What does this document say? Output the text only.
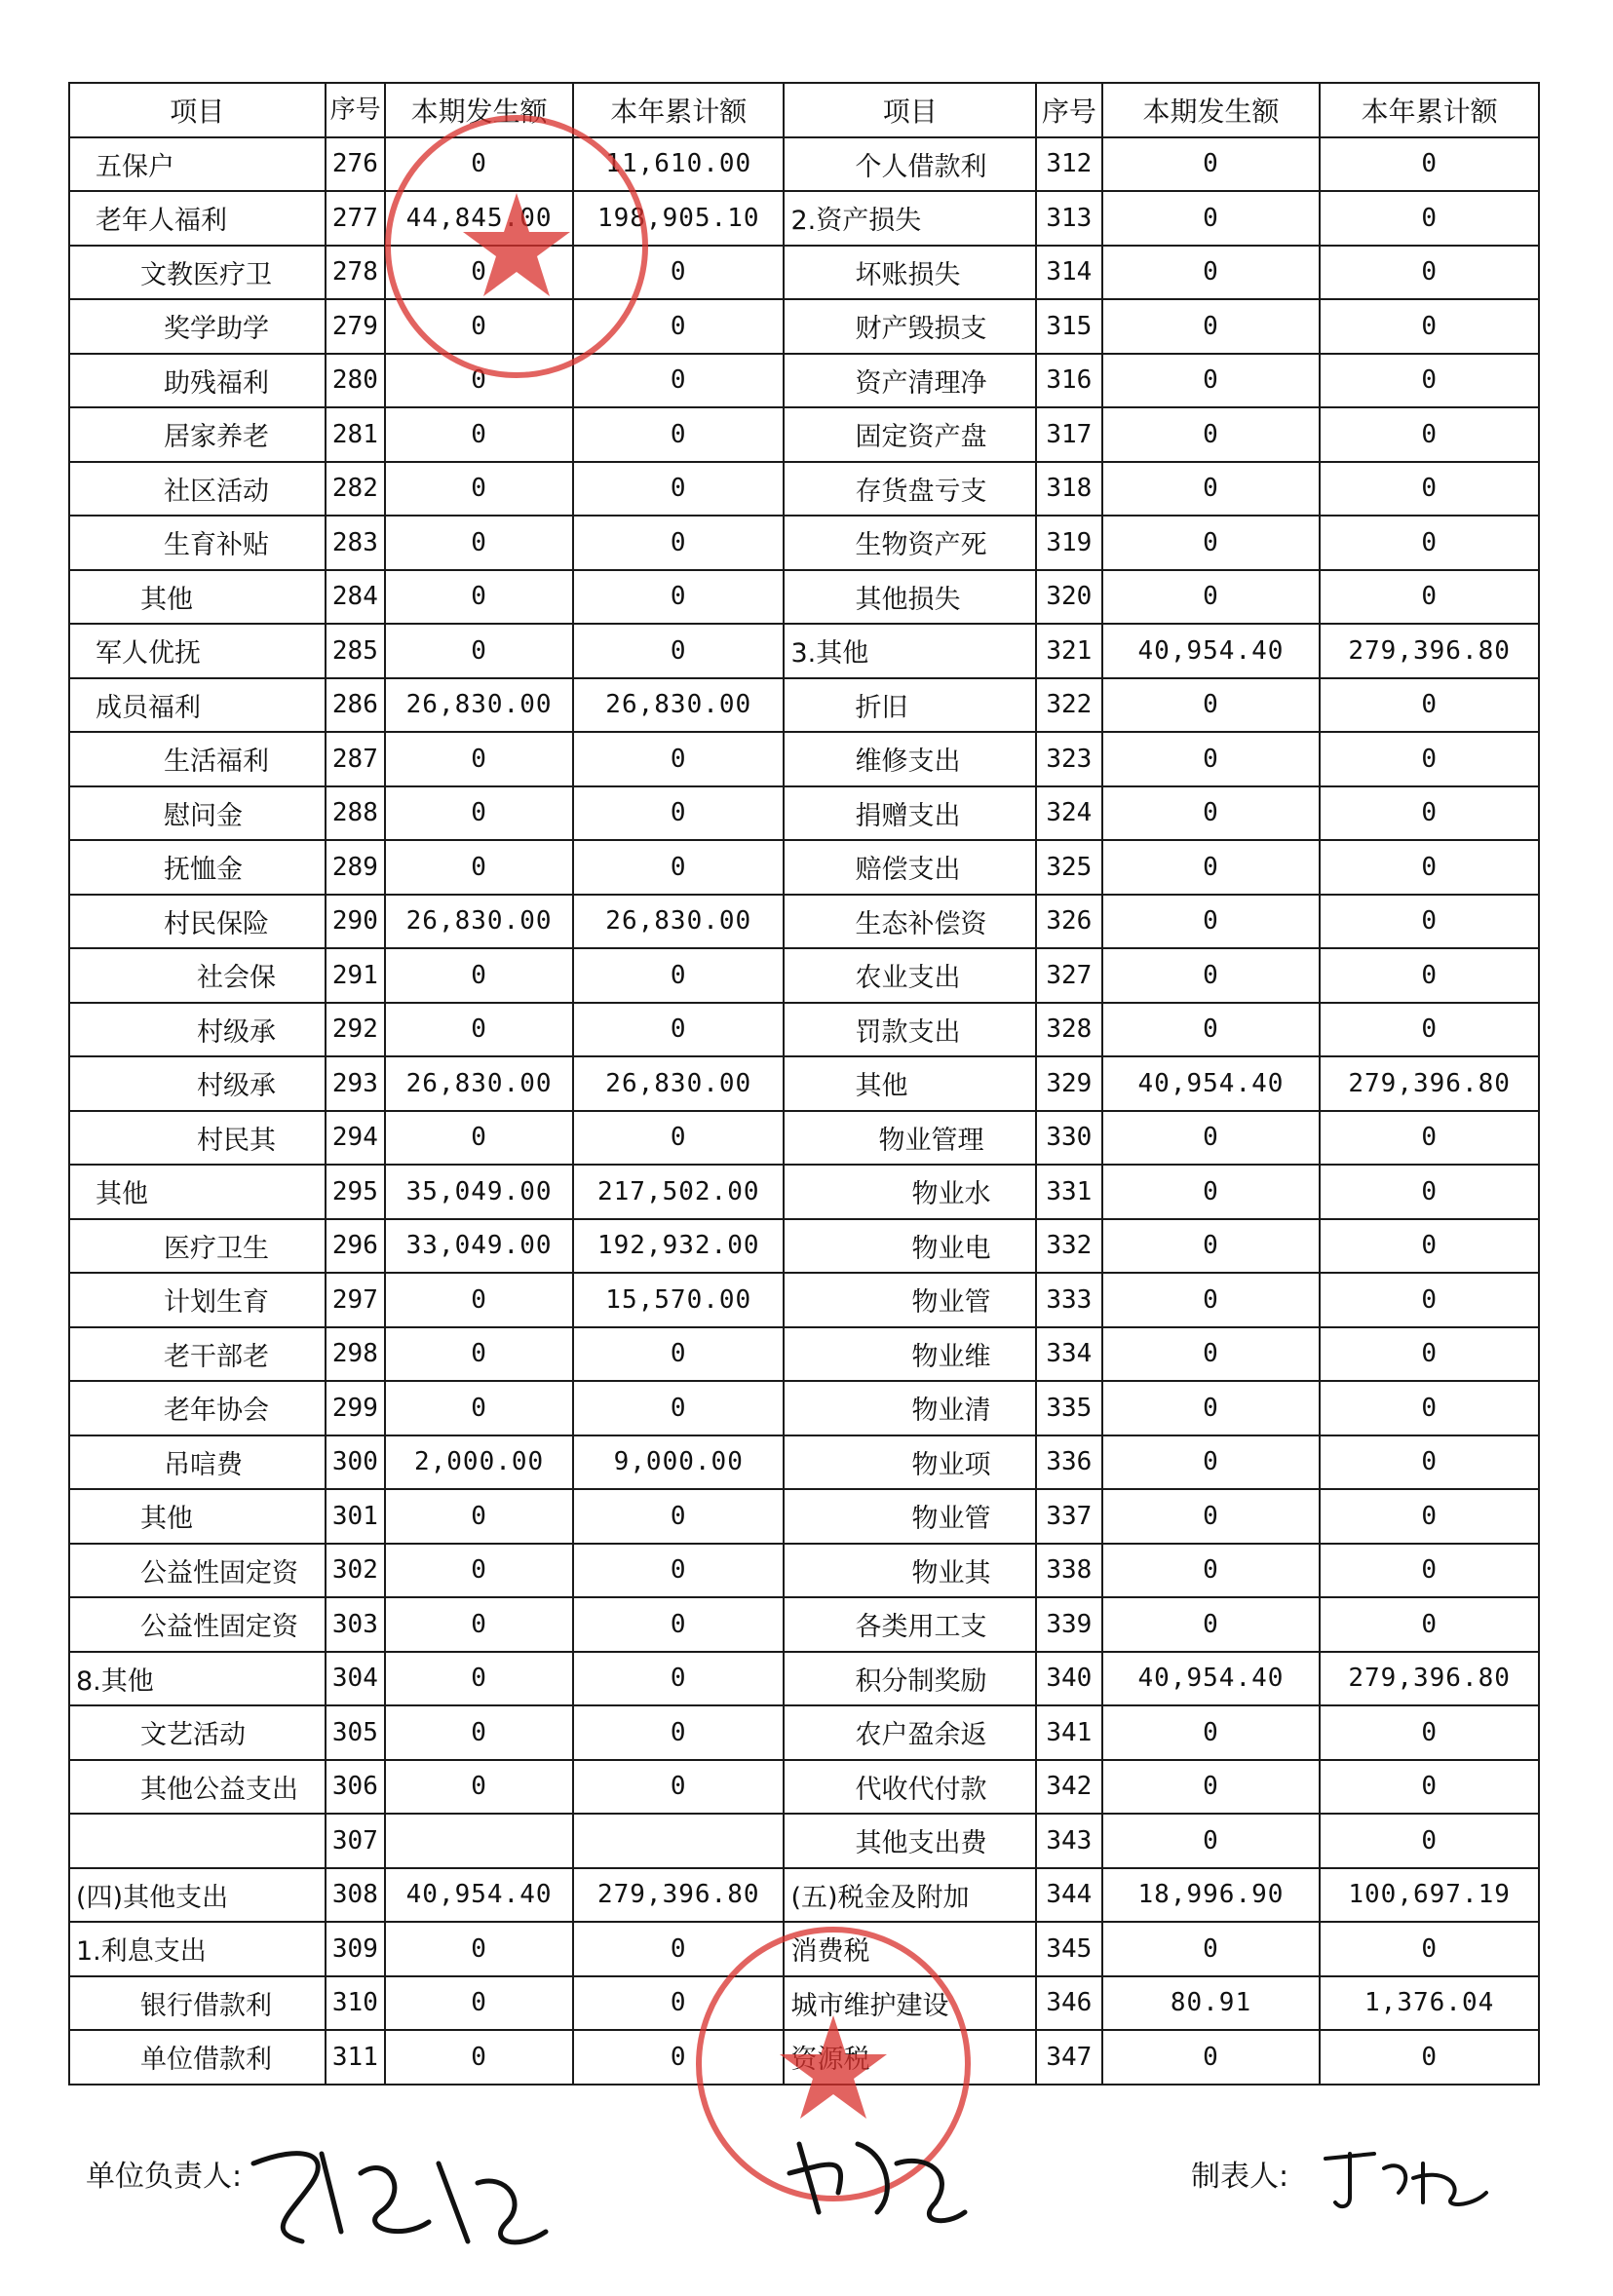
项目	序号	本期发生额	本年累计额	项目	序号	本期发生额	本年累计额
五保户	276	0	11,610.00	个人借款利	312	0	0
老年人福利	277	44,845.00	198,905.10	2.资产损失	313	0	0
文教医疗卫	278	0	0	坏账损失	314	0	0
奖学助学	279	0	0	财产毁损支	315	0	0
助残福利	280	0	0	资产清理净	316	0	0
居家养老	281	0	0	固定资产盘	317	0	0
社区活动	282	0	0	存货盘亏支	318	0	0
生育补贴	283	0	0	生物资产死	319	0	0
其他	284	0	0	其他损失	320	0	0
军人优抚	285	0	0	3.其他	321	40,954.40	279,396.80
成员福利	286	26,830.00	26,830.00	折旧	322	0	0
生活福利	287	0	0	维修支出	323	0	0
慰问金	288	0	0	捐赠支出	324	0	0
抚恤金	289	0	0	赔偿支出	325	0	0
村民保险	290	26,830.00	26,830.00	生态补偿资	326	0	0
社会保	291	0	0	农业支出	327	0	0
村级承	292	0	0	罚款支出	328	0	0
村级承	293	26,830.00	26,830.00	其他	329	40,954.40	279,396.80
村民其	294	0	0	物业管理	330	0	0
其他	295	35,049.00	217,502.00	物业水	331	0	0
医疗卫生	296	33,049.00	192,932.00	物业电	332	0	0
计划生育	297	0	15,570.00	物业管	333	0	0
老干部老	298	0	0	物业维	334	0	0
老年协会	299	0	0	物业清	335	0	0
吊唁费	300	2,000.00	9,000.00	物业项	336	0	0
其他	301	0	0	物业管	337	0	0
公益性固定资	302	0	0	物业其	338	0	0
公益性固定资	303	0	0	各类用工支	339	0	0
8.其他	304	0	0	积分制奖励	340	40,954.40	279,396.80
文艺活动	305	0	0	农户盈余返	341	0	0
其他公益支出	306	0	0	代收代付款	342	0	0
	307			其他支出费	343	0	0
(四)其他支出	308	40,954.40	279,396.80	(五)税金及附加	344	18,996.90	100,697.19
1.利息支出	309	0	0	消费税	345	0	0
银行借款利	310	0	0	城市维护建设	346	80.91	1,376.04
单位借款利	311	0	0		347	0	0
单位负责人:	制表人:
